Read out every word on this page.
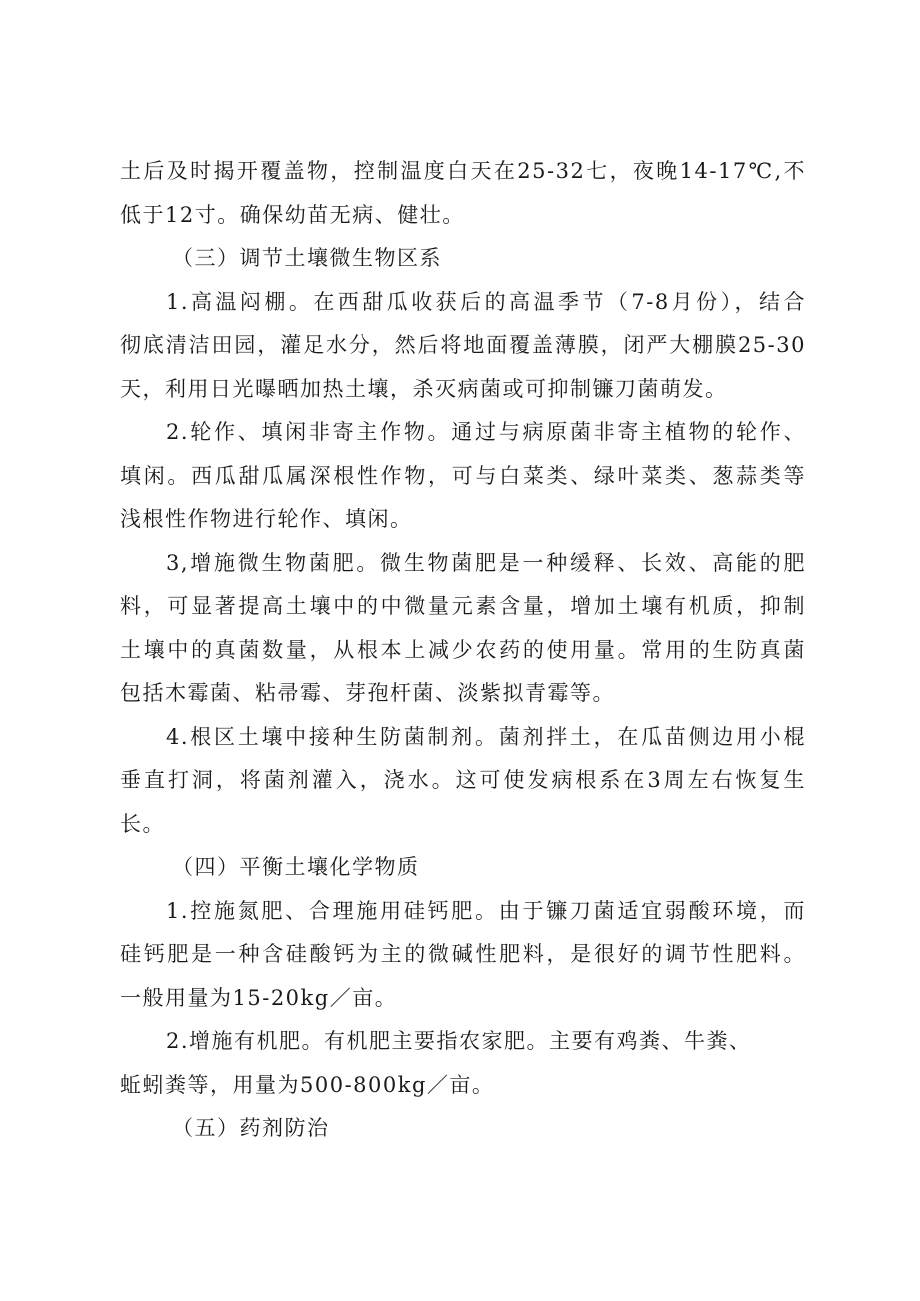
土后及时揭开覆盖物，控制温度白天在25-32七，夜晚14-17℃,不
低于12寸。确保幼苗无病、健壮。
（三）调节土壤微生物区系
1.高温闷棚。在西甜瓜收获后的高温季节（7-8月份），结合
彻底清洁田园，灌足水分，然后将地面覆盖薄膜，闭严大棚膜25-30
天，利用日光曝晒加热土壤，杀灭病菌或可抑制镰刀菌萌发。
2.轮作、填闲非寄主作物。通过与病原菌非寄主植物的轮作、
填闲。西瓜甜瓜属深根性作物，可与白菜类、绿叶菜类、葱蒜类等
浅根性作物进行轮作、填闲。
3,增施微生物菌肥。微生物菌肥是一种缓释、长效、高能的肥
料，可显著提高土壤中的中微量元素含量，增加土壤有机质，抑制
土壤中的真菌数量，从根本上减少农药的使用量。常用的生防真菌
包括木霉菌、粘帚霉、芽孢杆菌、淡紫拟青霉等。
4.根区土壤中接种生防菌制剂。菌剂拌土，在瓜苗侧边用小棍
垂直打洞，将菌剂灌入，浇水。这可使发病根系在3周左右恢复生
长。
（四）平衡土壤化学物质
1.控施氮肥、合理施用硅钙肥。由于镰刀菌适宜弱酸环境，而
硅钙肥是一种含硅酸钙为主的微碱性肥料，是很好的调节性肥料。
一般用量为15-20kg／亩。
2.增施有机肥。有机肥主要指农家肥。主要有鸡粪、牛粪、
蚯蚓粪等，用量为500-800kg／亩。
（五）药剂防治
